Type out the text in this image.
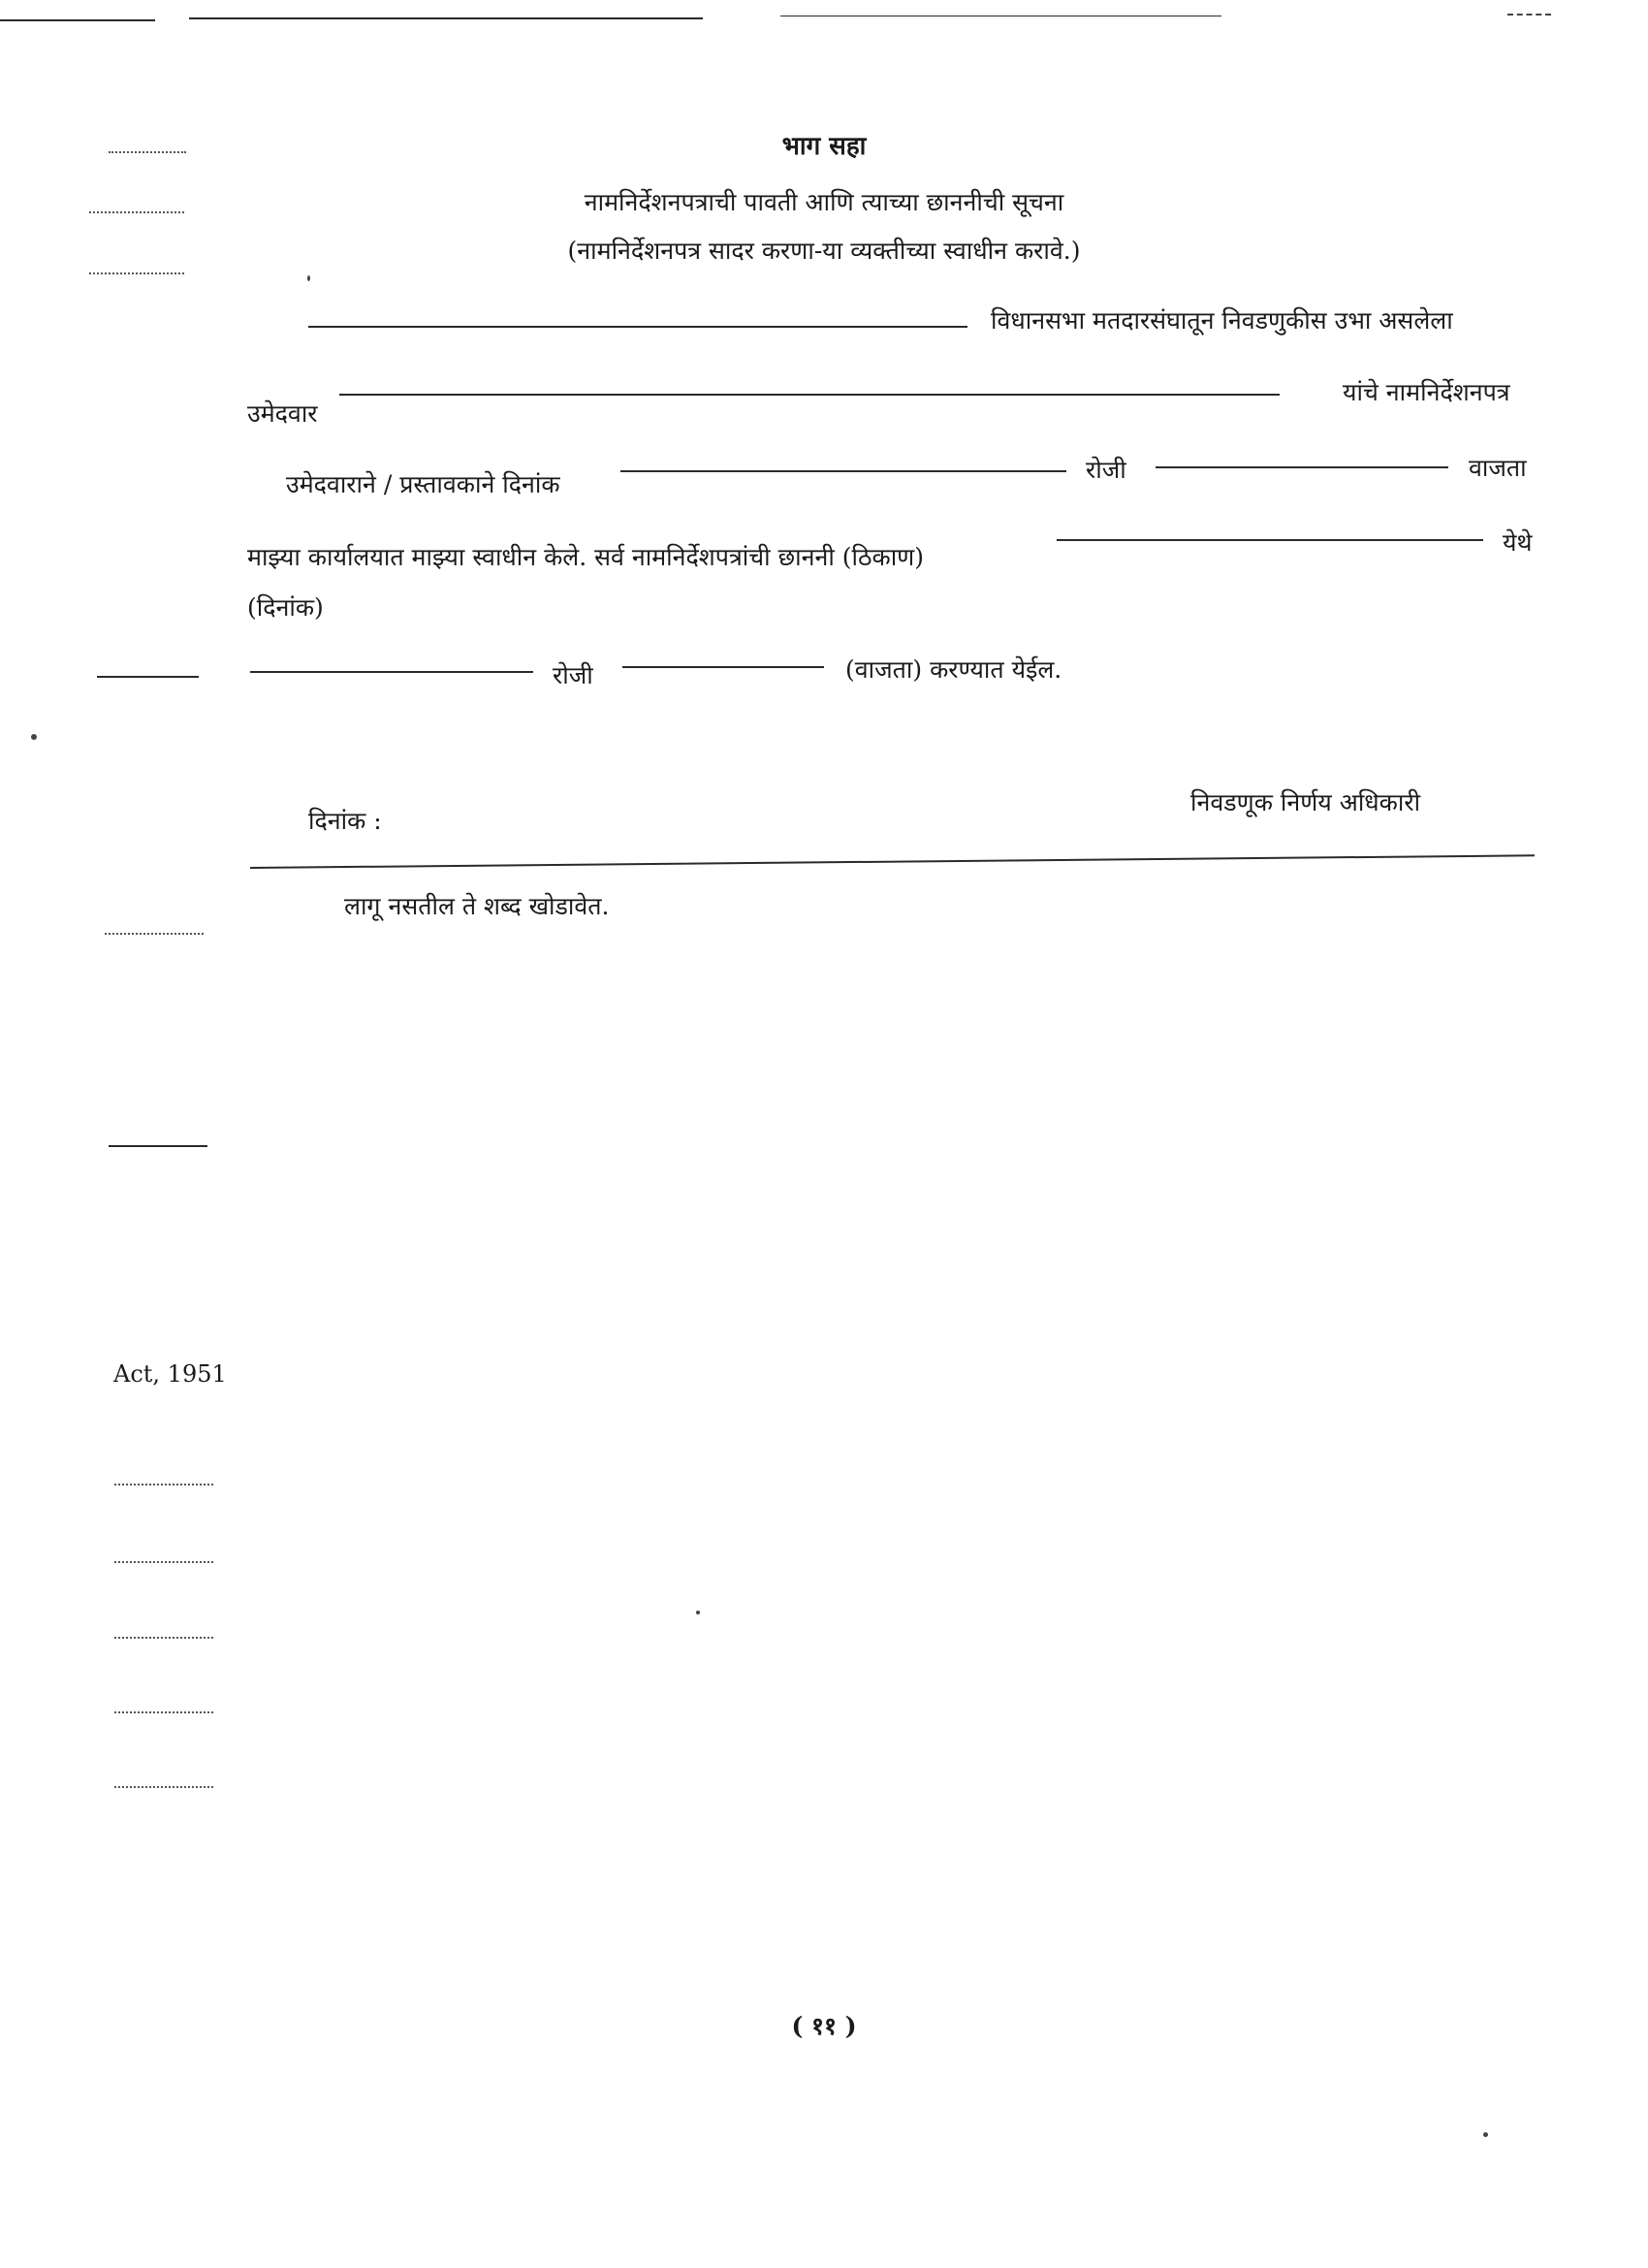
Act, 1951
भाग सहा
नामनिर्देशनपत्राची पावती आणि त्याच्या छाननीची सूचना
(नामनिर्देशनपत्र सादर करणा-या व्यक्तीच्या स्वाधीन करावे.)
विधानसभा मतदारसंघातून निवडणुकीस उभा असलेला
उमेदवार
यांचे नामनिर्देशनपत्र
उमेदवाराने / प्रस्तावकाने दिनांक
रोजी	वाजता
माझ्या कार्यालयात माझ्या स्वाधीन केले. सर्व नामनिर्देशपत्रांची छाननी (ठिकाण)
येथे
(दिनांक)
रोजी	(वाजता) करण्यात येईल.
दिनांक :
निवडणूक निर्णय अधिकारी
लागू नसतील ते शब्द खोडावेत.
( ११ )
